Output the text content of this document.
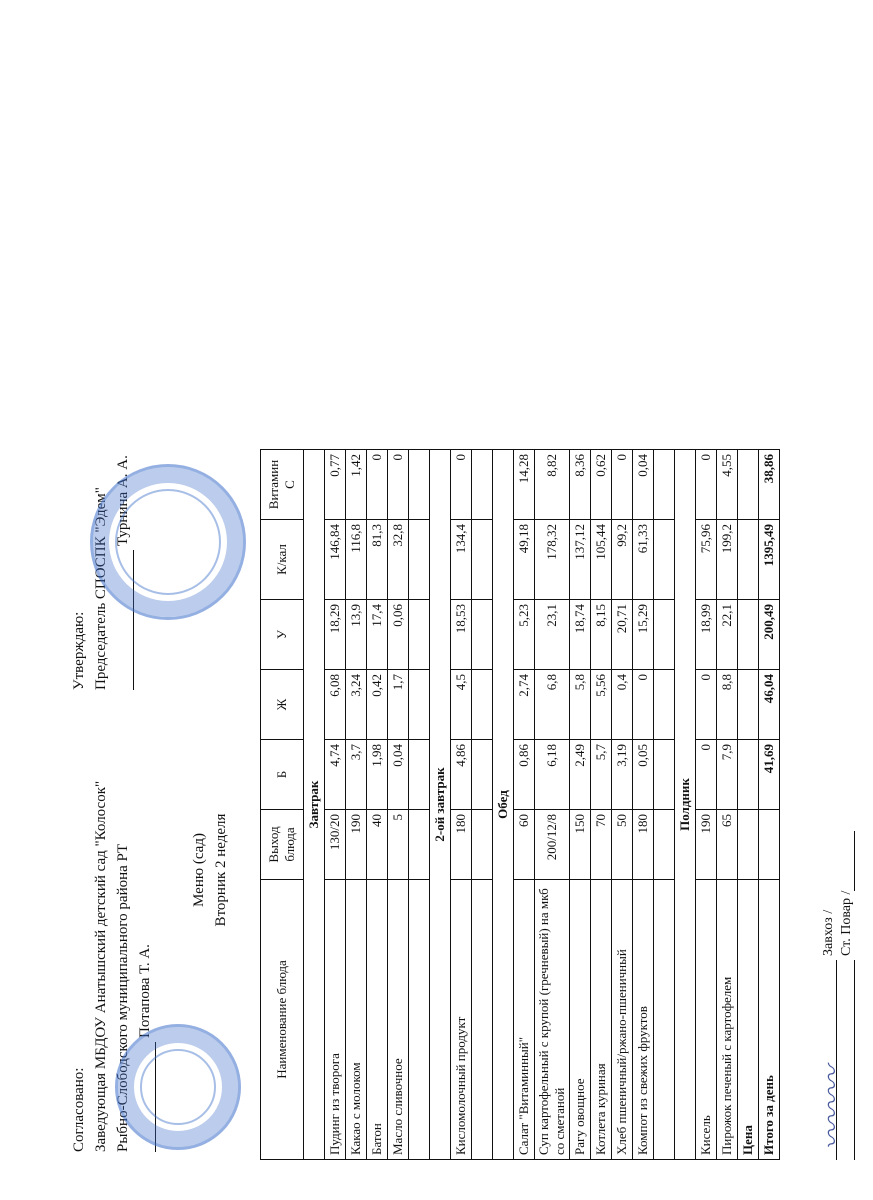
Согласовано: Заведующая МБДОУ Анатышский детский сад "Колосок" Рыбно-Слободского муниципального района РТ Потапова Т. А.
Меню (сад) Вторник 2 неделя
Утверждаю: Председатель СПОСПК "Эдем" Турнина А. А.
Наименование блюда	Выход блюда	Б	Ж	У	К/кал	Витамин С
Завтрак						
Пудинг из творога	130/20	4,74	6,08	18,29	146,84	0,77
Какао с молоком	190	3,7	3,24	13,9	116,8	1,42
Батон	40	1,98	0,42	17,4	81,3	0
Масло сливочное	5	0,04	1,7	0,06	32,8	0

2-ой завтрак						
Кисломолочный продукт	180	4,86	4,5	18,53	134,4	0

Обед						
Салат "Витаминный"	60	0,86	2,74	5,23	49,18	14,28
Суп картофельный с крупой (гречневый) на мкб со сметаной	200/12/8	6,18	6,8	23,1	178,32	8,82
Рагу овощное	150	2,49	5,8	18,74	137,12	8,36
Котлета куриная	70	5,7	5,56	8,15	105,44	0,62
Хлеб пшеничный/ржано-пшеничный	50	3,19	0,4	20,71	99,2	0
Компот из свежих фруктов	180	0,05	0	15,29	61,33	0,04

Полдник						
Кисель	190	0	0	18,99	75,96	0
Пирожок печеный с картофелем	65	7,9	8,8	22,1	199,2	4,55
Цена						
Итого за день		41,69	46,04	200,49	1395,49	38,86
Завхоз / Ст. Повар /
〰〰〰
